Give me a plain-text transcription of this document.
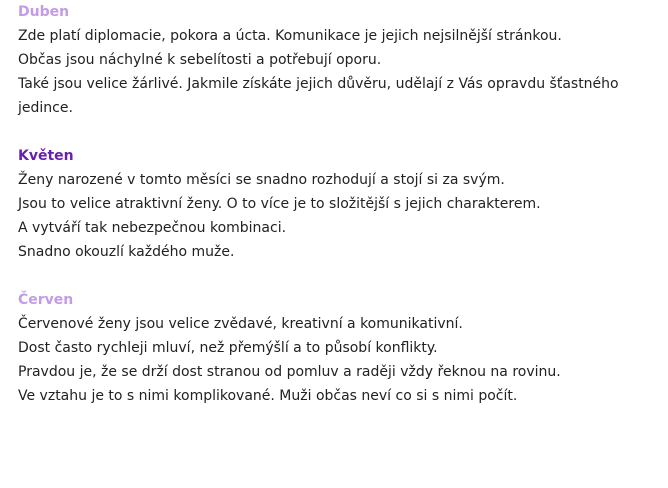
Duben
Zde platí diplomacie, pokora a úcta. Komunikace je jejich nejsilnější stránkou.
Občas jsou náchylné k sebelítosti a potřebují oporu.
Také jsou velice žárlivé. Jakmile získáte jejich důvěru, udělají z Vás opravdu šťastného
jedince.
Květen
Ženy narozené v tomto měsíci se snadno rozhodují a stojí si za svým.
Jsou to velice atraktivní ženy. O to více je to složitější s jejich charakterem.
A vytváří tak nebezpečnou kombinaci.
Snadno okouzlí každého muže.
Červen
Červenové ženy jsou velice zvědavé, kreativní a komunikativní.
Dost často rychleji mluví, než přemýšlí a to působí konflikty.
Pravdou je, že se drží dost stranou od pomluv a raději vždy řeknou na rovinu.
Ve vztahu je to s nimi komplikované. Muži občas neví co si s nimi počít.
